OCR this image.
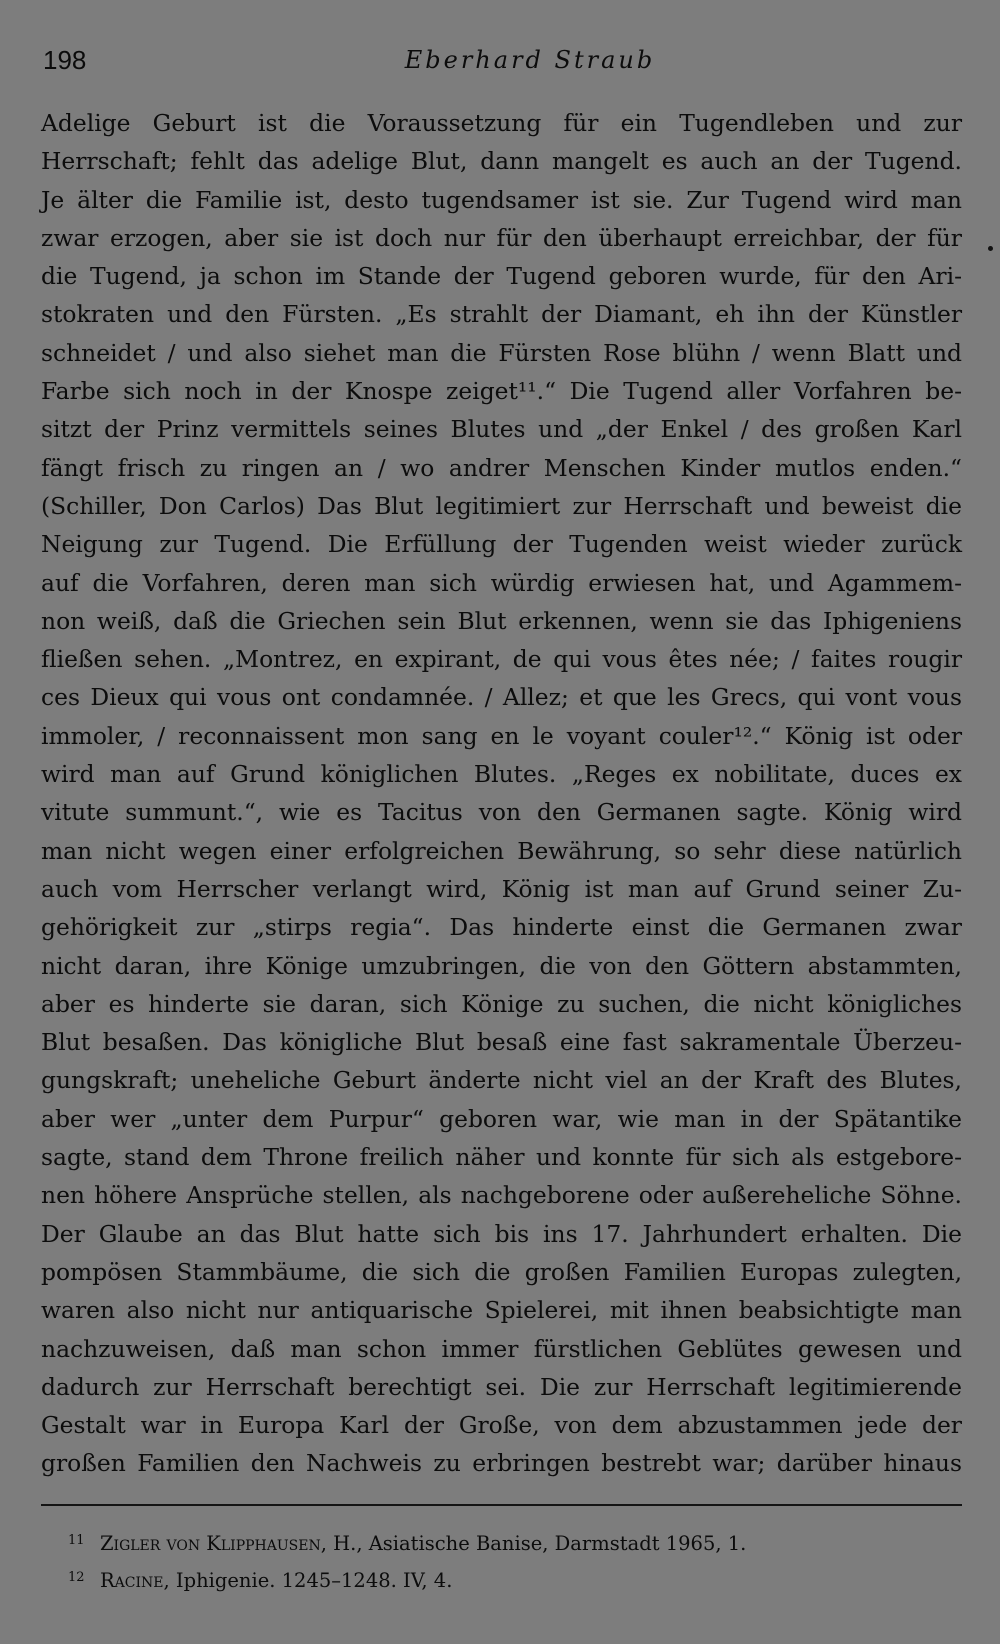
198	Eberhard Straub
Adelige Geburt ist die Voraussetzung für ein Tugendleben und zur
Herrschaft; fehlt das adelige Blut, dann mangelt es auch an der Tugend.
Je älter die Familie ist, desto tugendsamer ist sie. Zur Tugend wird man
zwar erzogen, aber sie ist doch nur für den überhaupt erreichbar, der für
die Tugend, ja schon im Stande der Tugend geboren wurde, für den Ari-
stokraten und den Fürsten. „Es strahlt der Diamant, eh ihn der Künstler
schneidet / und also siehet man die Fürsten Rose blühn / wenn Blatt und
Farbe sich noch in der Knospe zeiget¹¹.“ Die Tugend aller Vorfahren be-
sitzt der Prinz vermittels seines Blutes und „der Enkel / des großen Karl
fängt frisch zu ringen an / wo andrer Menschen Kinder mutlos enden.“
(Schiller, Don Carlos) Das Blut legitimiert zur Herrschaft und beweist die
Neigung zur Tugend. Die Erfüllung der Tugenden weist wieder zurück
auf die Vorfahren, deren man sich würdig erwiesen hat, und Agammem-
non weiß, daß die Griechen sein Blut erkennen, wenn sie das Iphigeniens
fließen sehen. „Montrez, en expirant, de qui vous êtes née; / faites rougir
ces Dieux qui vous ont condamnée. / Allez; et que les Grecs, qui vont vous
immoler, / reconnaissent mon sang en le voyant couler¹².“ König ist oder
wird man auf Grund königlichen Blutes. „Reges ex nobilitate, duces ex
vitute summunt.“, wie es Tacitus von den Germanen sagte. König wird
man nicht wegen einer erfolgreichen Bewährung, so sehr diese natürlich
auch vom Herrscher verlangt wird, König ist man auf Grund seiner Zu-
gehörigkeit zur „stirps regia“. Das hinderte einst die Germanen zwar
nicht daran, ihre Könige umzubringen, die von den Göttern abstammten,
aber es hinderte sie daran, sich Könige zu suchen, die nicht königliches
Blut besaßen. Das königliche Blut besaß eine fast sakramentale Überzeu-
gungskraft; uneheliche Geburt änderte nicht viel an der Kraft des Blutes,
aber wer „unter dem Purpur“ geboren war, wie man in der Spätantike
sagte, stand dem Throne freilich näher und konnte für sich als estgebore-
nen höhere Ansprüche stellen, als nachgeborene oder außereheliche Söhne.
Der Glaube an das Blut hatte sich bis ins 17. Jahrhundert erhalten. Die
pompösen Stammbäume, die sich die großen Familien Europas zulegten,
waren also nicht nur antiquarische Spielerei, mit ihnen beabsichtigte man
nachzuweisen, daß man schon immer fürstlichen Geblütes gewesen und
dadurch zur Herrschaft berechtigt sei. Die zur Herrschaft legitimierende
Gestalt war in Europa Karl der Große, von dem abzustammen jede der
großen Familien den Nachweis zu erbringen bestrebt war; darüber hinaus
11 Zigler von Klipphausen, H., Asiatische Banise, Darmstadt 1965, 1.
12 Racine, Iphigenie. 1245–1248. IV, 4.
